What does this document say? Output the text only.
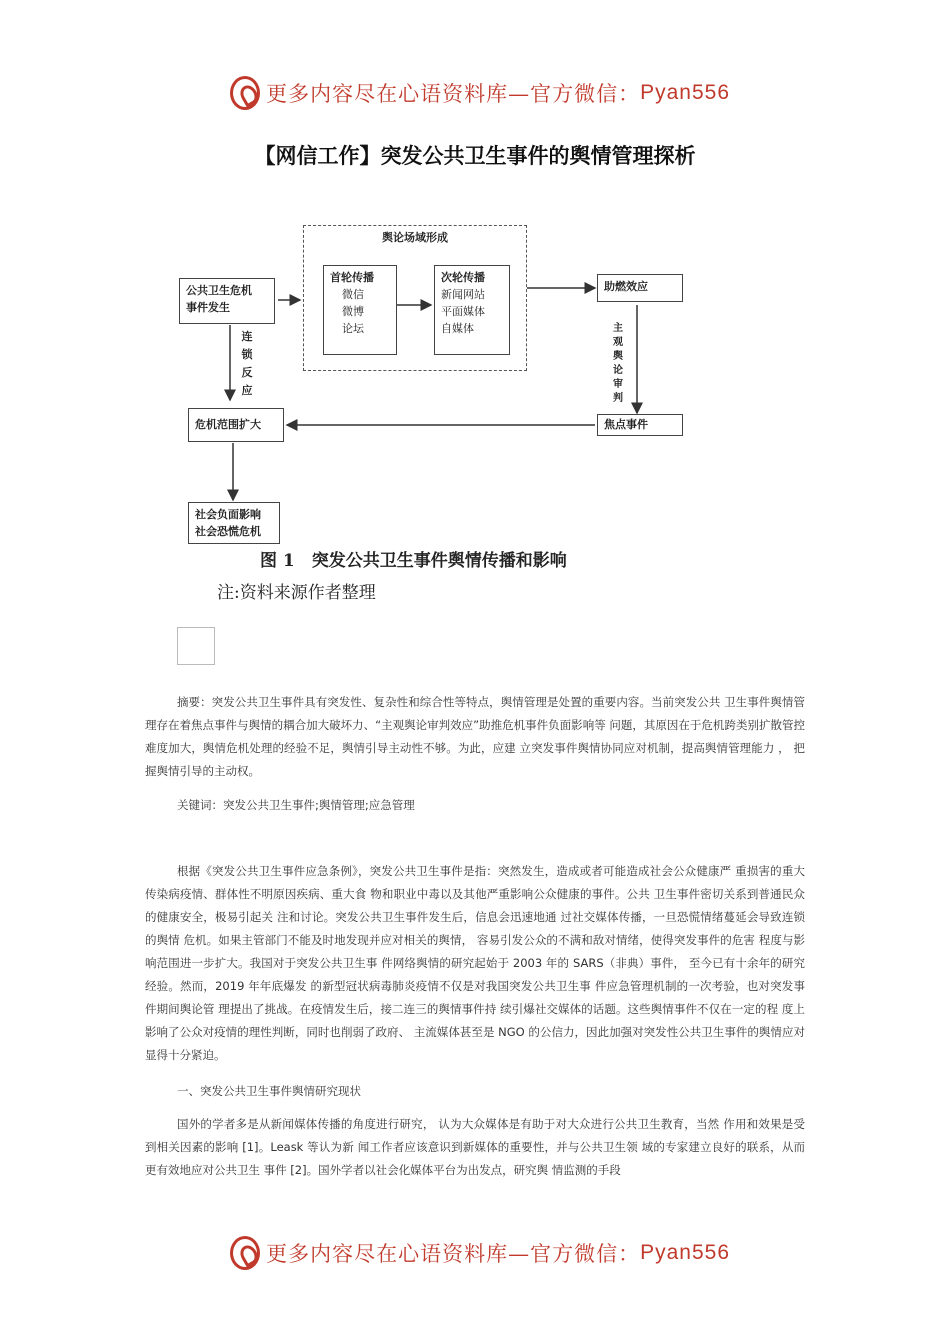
更多内容尽在心语资料库—官方微信： Pyan556
【网信工作】突发公共卫生事件的舆情管理探析
舆论场域形成
公共卫生危机
事件发生
首轮传播
微信
微博
论坛
次轮传播
新闻网站
平面媒体
自媒体
助燃效应
连锁反应
主观舆论审判
危机范围扩大	焦点事件
社会负面影响
社会恐慌危机
图 1　突发公共卫生事件舆情传播和影响
注:资料来源作者整理
摘要：突发公共卫生事件具有突发性、复杂性和综合性等特点，舆情管理是处置的重要内容。当前突发公共 卫生事件舆情管理存在着焦点事件与舆情的耦合加大破坏力、“主观舆论审判效应”助推危机事件负面影响等 问题，其原因在于危机跨类别扩散管控难度加大，舆情危机处理的经验不足，舆情引导主动性不够。为此，应建 立突发事件舆情协同应对机制，提高舆情管理能力 ， 把握舆情引导的主动权。
关键词：突发公共卫生事件;舆情管理;应急管理
根据《突发公共卫生事件应急条例》，突发公共卫生事件是指：突然发生，造成或者可能造成社会公众健康严 重损害的重大传染病疫情、群体性不明原因疾病、重大食 物和职业中毒以及其他严重影响公众健康的事件。公共 卫生事件密切关系到普通民众的健康安全，极易引起关 注和讨论。突发公共卫生事件发生后，信息会迅速地通 过社交媒体传播，一旦恐慌情绪蔓延会导致连锁的舆情 危机。如果主管部门不能及时地发现并应对相关的舆情， 容易引发公众的不满和敌对情绪，使得突发事件的危害 程度与影响范围进一步扩大。我国对于突发公共卫生事 件网络舆情的研究起始于 2003 年的 SARS（非典）事件， 至今已有十余年的研究经验。然而，2019 年年底爆发 的新型冠状病毒肺炎疫情不仅是对我国突发公共卫生事 件应急管理机制的一次考验，也对突发事件期间舆论管 理提出了挑战。在疫情发生后，接二连三的舆情事件持 续引爆社交媒体的话题。这些舆情事件不仅在一定的程 度上影响了公众对疫情的理性判断，同时也削弱了政府、 主流媒体甚至是 NGO 的公信力，因此加强对突发性公共卫生事件的舆情应对显得十分紧迫。
一、突发公共卫生事件舆情研究现状
国外的学者多是从新闻媒体传播的角度进行研究， 认为大众媒体是有助于对大众进行公共卫生教育，当然 作用和效果是受到相关因素的影响 [1]。Leask 等认为新 闻工作者应该意识到新媒体的重要性，并与公共卫生领 域的专家建立良好的联系，从而更有效地应对公共卫生 事件 [2]。国外学者以社会化媒体平台为出发点，研究舆 情监测的手段
更多内容尽在心语资料库—官方微信： Pyan556
